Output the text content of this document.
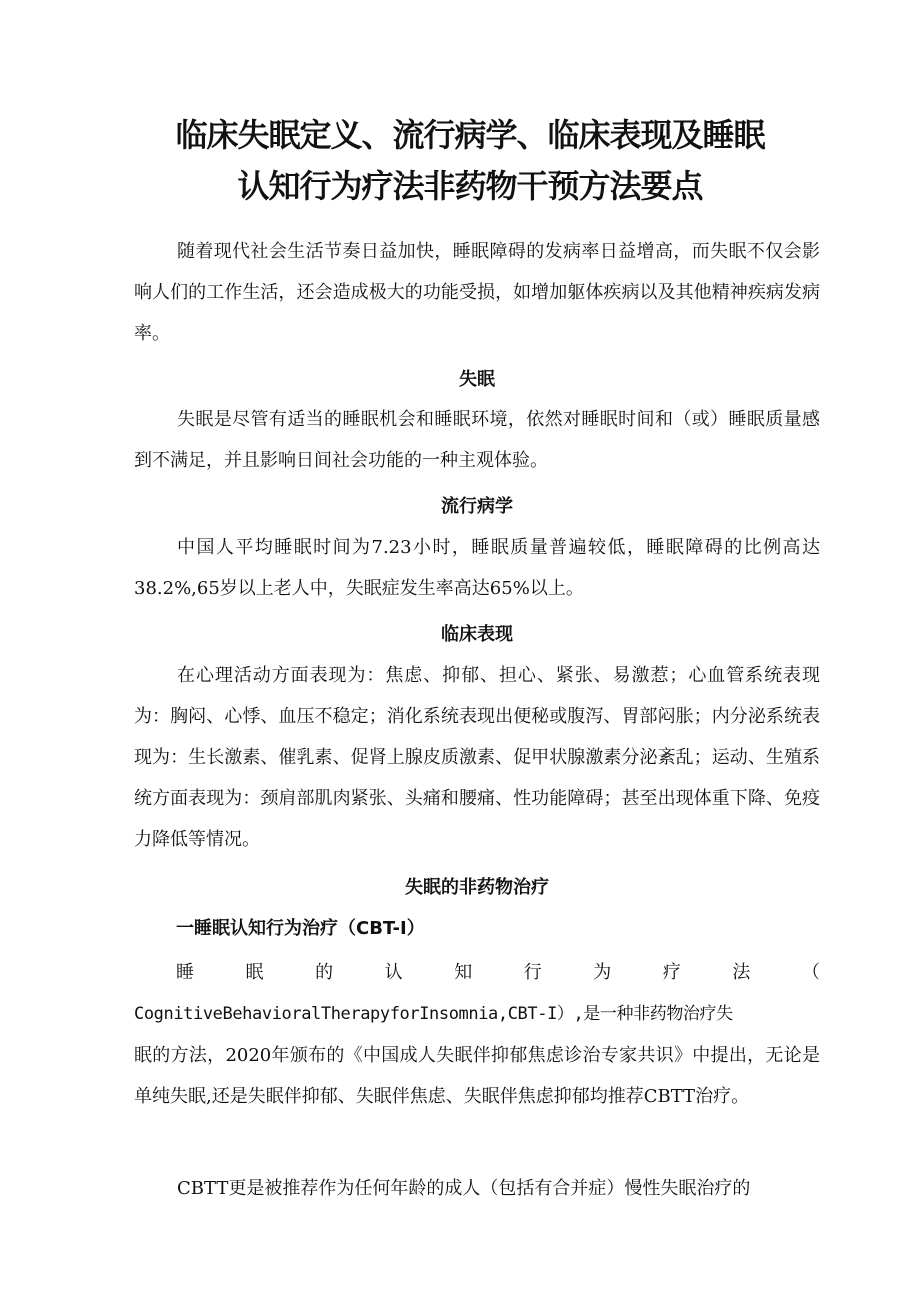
临床失眠定义、流行病学、临床表现及睡眠
认知行为疗法非药物干预方法要点

随着现代社会生活节奏日益加快，睡眠障碍的发病率日益增高，而失眠不仅会影响人们的工作生活，还会造成极大的功能受损，如增加躯体疾病以及其他精神疾病发病率。

失眠

失眠是尽管有适当的睡眠机会和睡眠环境，依然对睡眠时间和（或）睡眠质量感到不满足，并且影响日间社会功能的一种主观体验。

流行病学

中国人平均睡眠时间为7.23小时，睡眠质量普遍较低，睡眠障碍的比例高达38.2%,65岁以上老人中，失眠症发生率高达65%以上。

临床表现

在心理活动方面表现为：焦虑、抑郁、担心、紧张、易激惹；心血管系统表现为：胸闷、心悸、血压不稳定；消化系统表现出便秘或腹泻、胃部闷胀；内分泌系统表现为：生长激素、催乳素、促肾上腺皮质激素、促甲状腺激素分泌紊乱；运动、生殖系统方面表现为：颈肩部肌肉紧张、头痛和腰痛、性功能障碍；甚至出现体重下降、免疫力降低等情况。

失眠的非药物治疗
一睡眠认知行为治疗（CBT-I）
睡	眠	的	认	知	行	为	疗	法	（

CognitiveBehavioralTherapyforInsomnia,CBT-I）,是一种非药物治疗失

眠的方法，2020年颁布的《中国成人失眠伴抑郁焦虑诊治专家共识》中提出，无论是单纯失眠,还是失眠伴抑郁、失眠伴焦虑、失眠伴焦虑抑郁均推荐CBTT治疗。

CBTT更是被推荐作为任何年龄的成人（包括有合并症）慢性失眠治疗的
